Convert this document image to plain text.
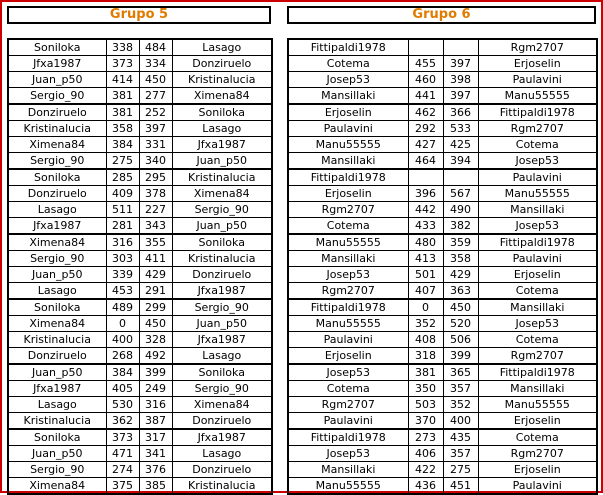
Grupo 5	Grupo 6
Soniloka	338	484	Lasago
Jfxa1987	373	334	Donziruelo
Juan_p50	414	450	Kristinalucia
Sergio_90	381	277	Ximena84
Donziruelo	381	252	Soniloka
Kristinalucia	358	397	Lasago
Ximena84	384	331	Jfxa1987
Sergio_90	275	340	Juan_p50
Soniloka	285	295	Kristinalucia
Donziruelo	409	378	Ximena84
Lasago	511	227	Sergio_90
Jfxa1987	281	343	Juan_p50
Ximena84	316	355	Soniloka
Sergio_90	303	411	Kristinalucia
Juan_p50	339	429	Donziruelo
Lasago	453	291	Jfxa1987
Soniloka	489	299	Sergio_90
Ximena84	0	450	Juan_p50
Kristinalucia	400	328	Jfxa1987
Donziruelo	268	492	Lasago
Juan_p50	384	399	Soniloka
Jfxa1987	405	249	Sergio_90
Lasago	530	316	Ximena84
Kristinalucia	362	387	Donziruelo
Soniloka	373	317	Jfxa1987
Juan_p50	471	341	Lasago
Sergio_90	274	376	Donziruelo
Ximena84	375	385	Kristinalucia
Fittipaldi1978			Rgm2707
Cotema	455	397	Erjoselin
Josep53	460	398	Paulavini
Mansillaki	441	397	Manu55555
Erjoselin	462	366	Fittipaldi1978
Paulavini	292	533	Rgm2707
Manu55555	427	425	Cotema
Mansillaki	464	394	Josep53
Fittipaldi1978			Paulavini
Erjoselin	396	567	Manu55555
Rgm2707	442	490	Mansillaki
Cotema	433	382	Josep53
Manu55555	480	359	Fittipaldi1978
Mansillaki	413	358	Paulavini
Josep53	501	429	Erjoselin
Rgm2707	407	363	Cotema
Fittipaldi1978	0	450	Mansillaki
Manu55555	352	520	Josep53
Paulavini	408	506	Cotema
Erjoselin	318	399	Rgm2707
Josep53	381	365	Fittipaldi1978
Cotema	350	357	Mansillaki
Rgm2707	503	352	Manu55555
Paulavini	370	400	Erjoselin
Fittipaldi1978	273	435	Cotema
Josep53	406	357	Rgm2707
Mansillaki	422	275	Erjoselin
Manu55555	436	451	Paulavini
